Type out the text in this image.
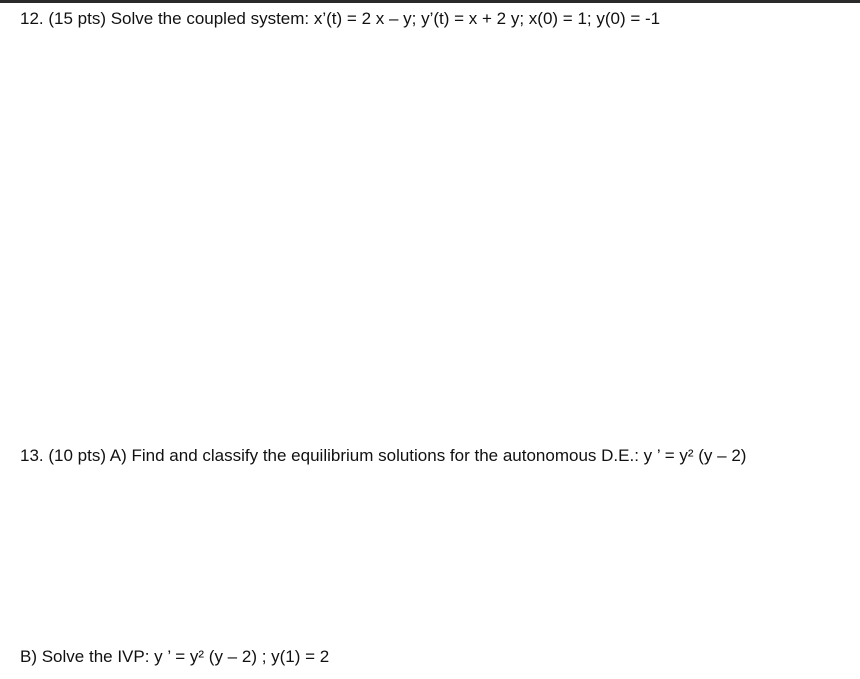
12. (15 pts) Solve the coupled system: x’(t) = 2 x – y; y’(t) = x + 2 y; x(0) = 1; y(0) = -1
13. (10 pts) A) Find and classify the equilibrium solutions for the autonomous D.E.: y ’ = y² (y – 2)
B) Solve the IVP: y ’ = y² (y – 2) ; y(1) = 2
